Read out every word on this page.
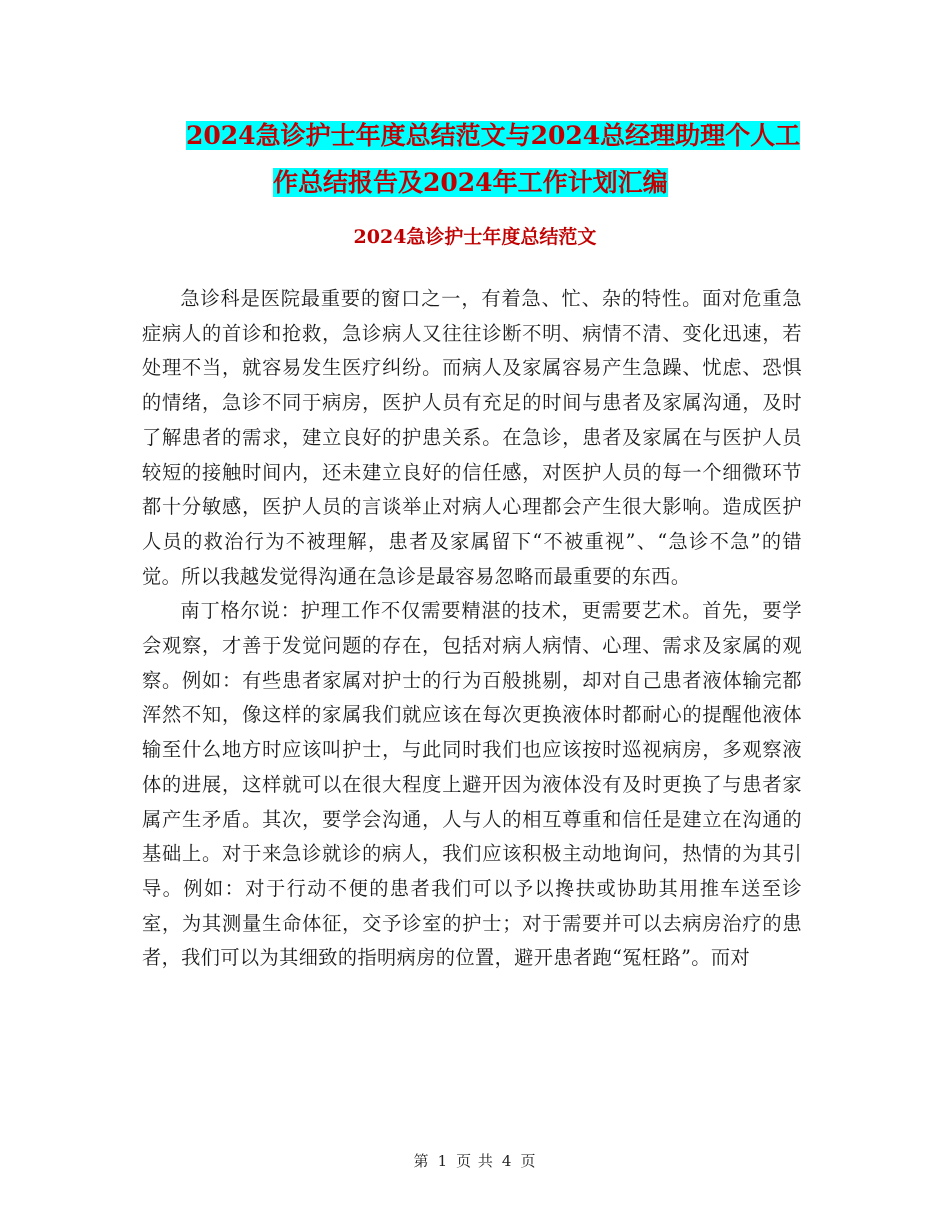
2024急诊护士年度总结范文与2024总经理助理个人工
作总结报告及2024年工作计划汇编
2024急诊护士年度总结范文

急诊科是医院最重要的窗口之一，有着急、忙、杂的特性。面对危重急症病人的首诊和抢救，急诊病人又往往诊断不明、病情不清、变化迅速，若处理不当，就容易发生医疗纠纷。而病人及家属容易产生急躁、忧虑、恐惧的情绪，急诊不同于病房，医护人员有充足的时间与患者及家属沟通，及时了解患者的需求，建立良好的护患关系。在急诊，患者及家属在与医护人员较短的接触时间内，还未建立良好的信任感，对医护人员的每一个细微环节都十分敏感，医护人员的言谈举止对病人心理都会产生很大影响。造成医护人员的救治行为不被理解，患者及家属留下“不被重视”、“急诊不急”的错觉。所以我越发觉得沟通在急诊是最容易忽略而最重要的东西。

南丁格尔说：护理工作不仅需要精湛的技术，更需要艺术。首先，要学会观察，才善于发觉问题的存在，包括对病人病情、心理、需求及家属的观察。例如：有些患者家属对护士的行为百般挑剔，却对自己患者液体输完都浑然不知，像这样的家属我们就应该在每次更换液体时都耐心的提醒他液体输至什么地方时应该叫护士，与此同时我们也应该按时巡视病房，多观察液体的进展，这样就可以在很大程度上避开因为液体没有及时更换了与患者家属产生矛盾。其次，要学会沟通，人与人的相互尊重和信任是建立在沟通的基础上。对于来急诊就诊的病人，我们应该积极主动地询问，热情的为其引导。例如：对于行动不便的患者我们可以予以搀扶或协助其用推车送至诊室，为其测量生命体征，交予诊室的护士；对于需要并可以去病房治疗的患者，我们可以为其细致的指明病房的位置，避开患者跑“冤枉路”。而对

第 1 页 共 4 页
